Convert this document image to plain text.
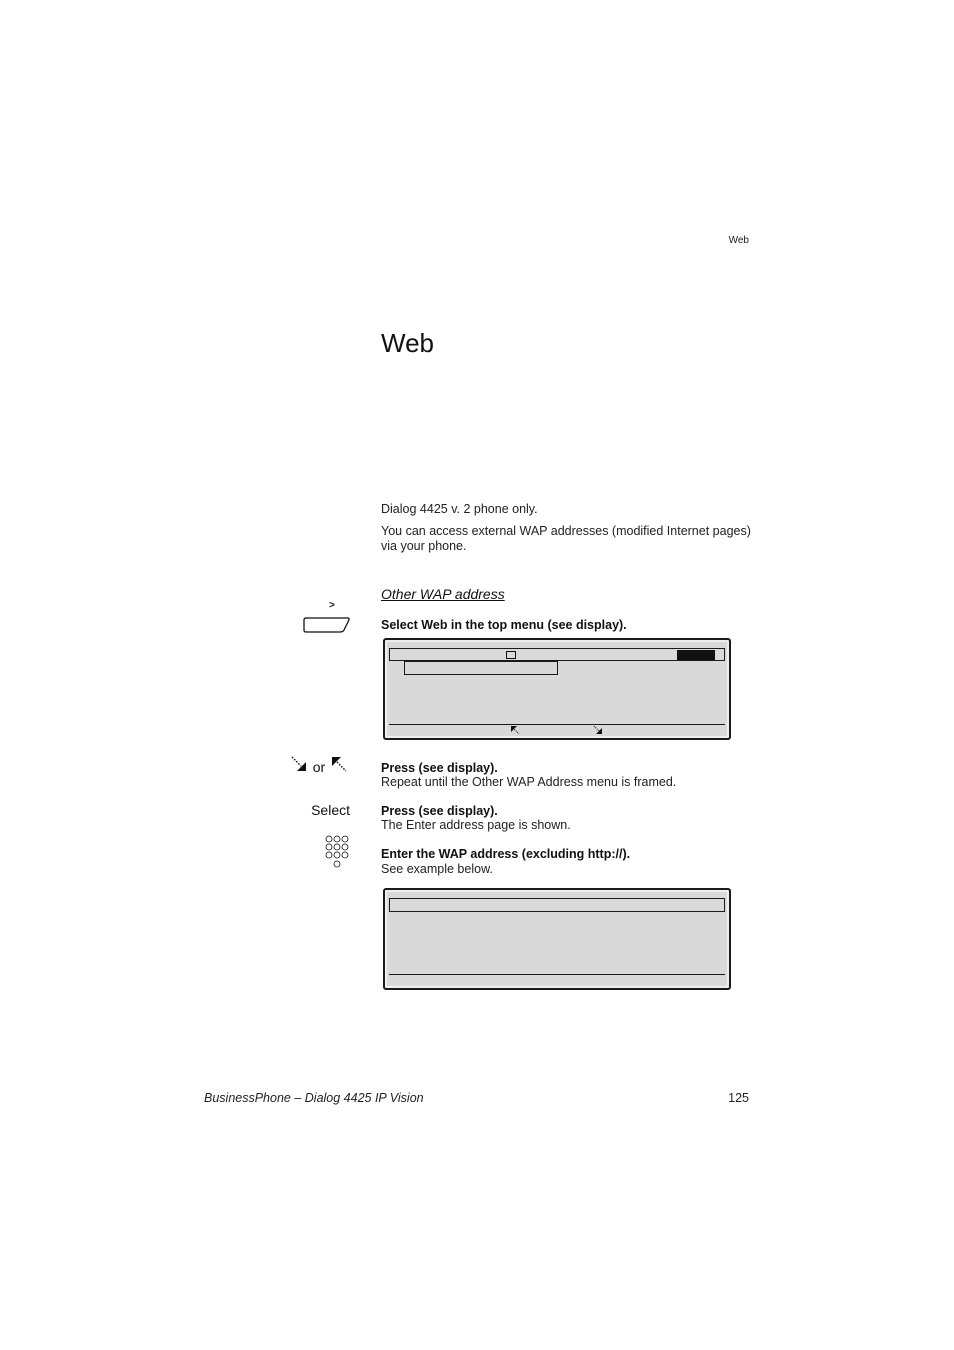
Web
Web
Dialog 4425 v. 2 phone only.
You can access external WAP addresses (modified Internet pages) via your phone.
Other WAP address
>
Select Web in the top menu (see display).
or	Press (see display).
Repeat until the Other WAP Address menu is framed.
Select Press (see display).
The Enter address page is shown.
Enter the WAP address (excluding http://).
See example below.
BusinessPhone – Dialog 4425 IP Vision	125
